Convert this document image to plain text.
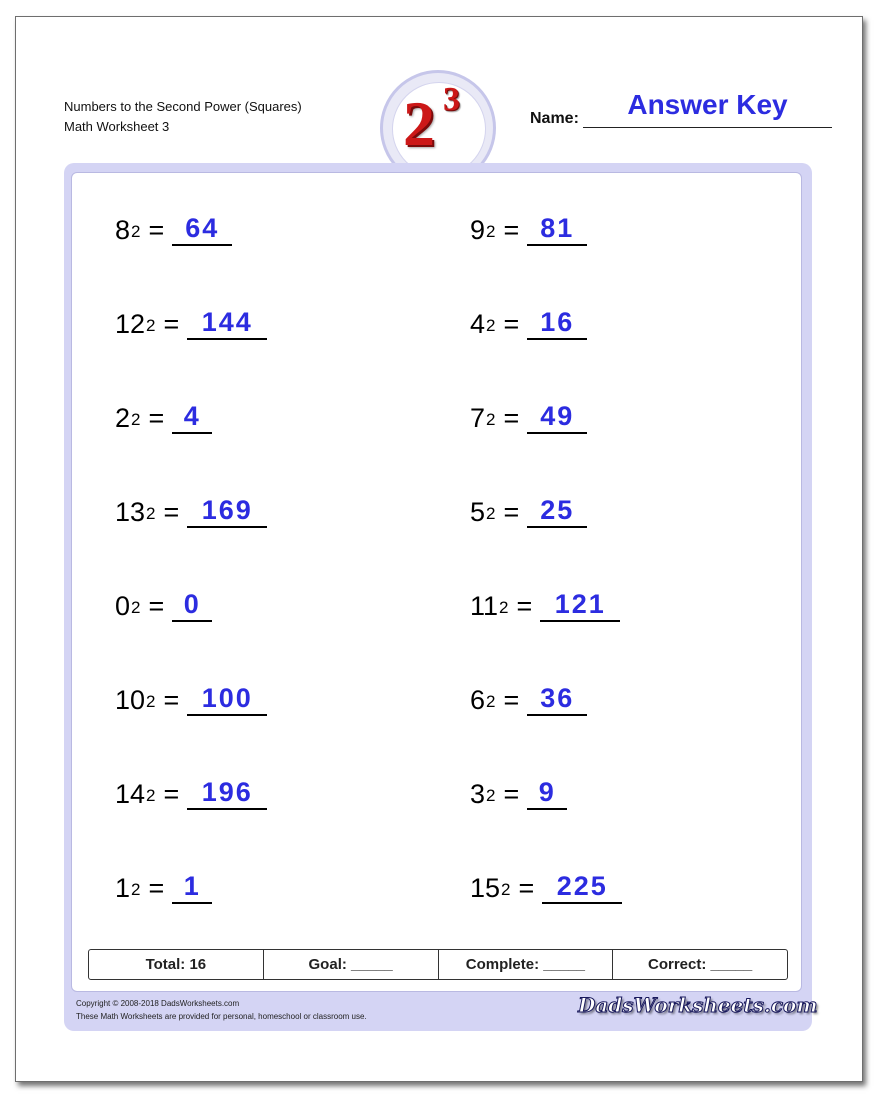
Numbers to the Second Power (Squares)
Math Worksheet 3	2 3
Name:	Answer Key
$8^2 = 64$
$12^2 = 144$
$2^2 = 4$
$13^2 = 169$
$0^2 = 0$
$10^2 = 100$
$14^2 = 196$
$1^2 = 1$
$9^2 = 81$
$4^2 = 16$
$7^2 = 49$
$5^2 = 25$
$11^2 = 121$
$6^2 = 36$
$3^2 = 9$
$15^2 = 225$
Total: 16	Goal: _____	Complete: _____	Correct: _____
Copyright © 2008-2018 DadsWorksheets.com
These Math Worksheets are provided for personal, homeschool or classroom use.	DadsWorksheets.com
